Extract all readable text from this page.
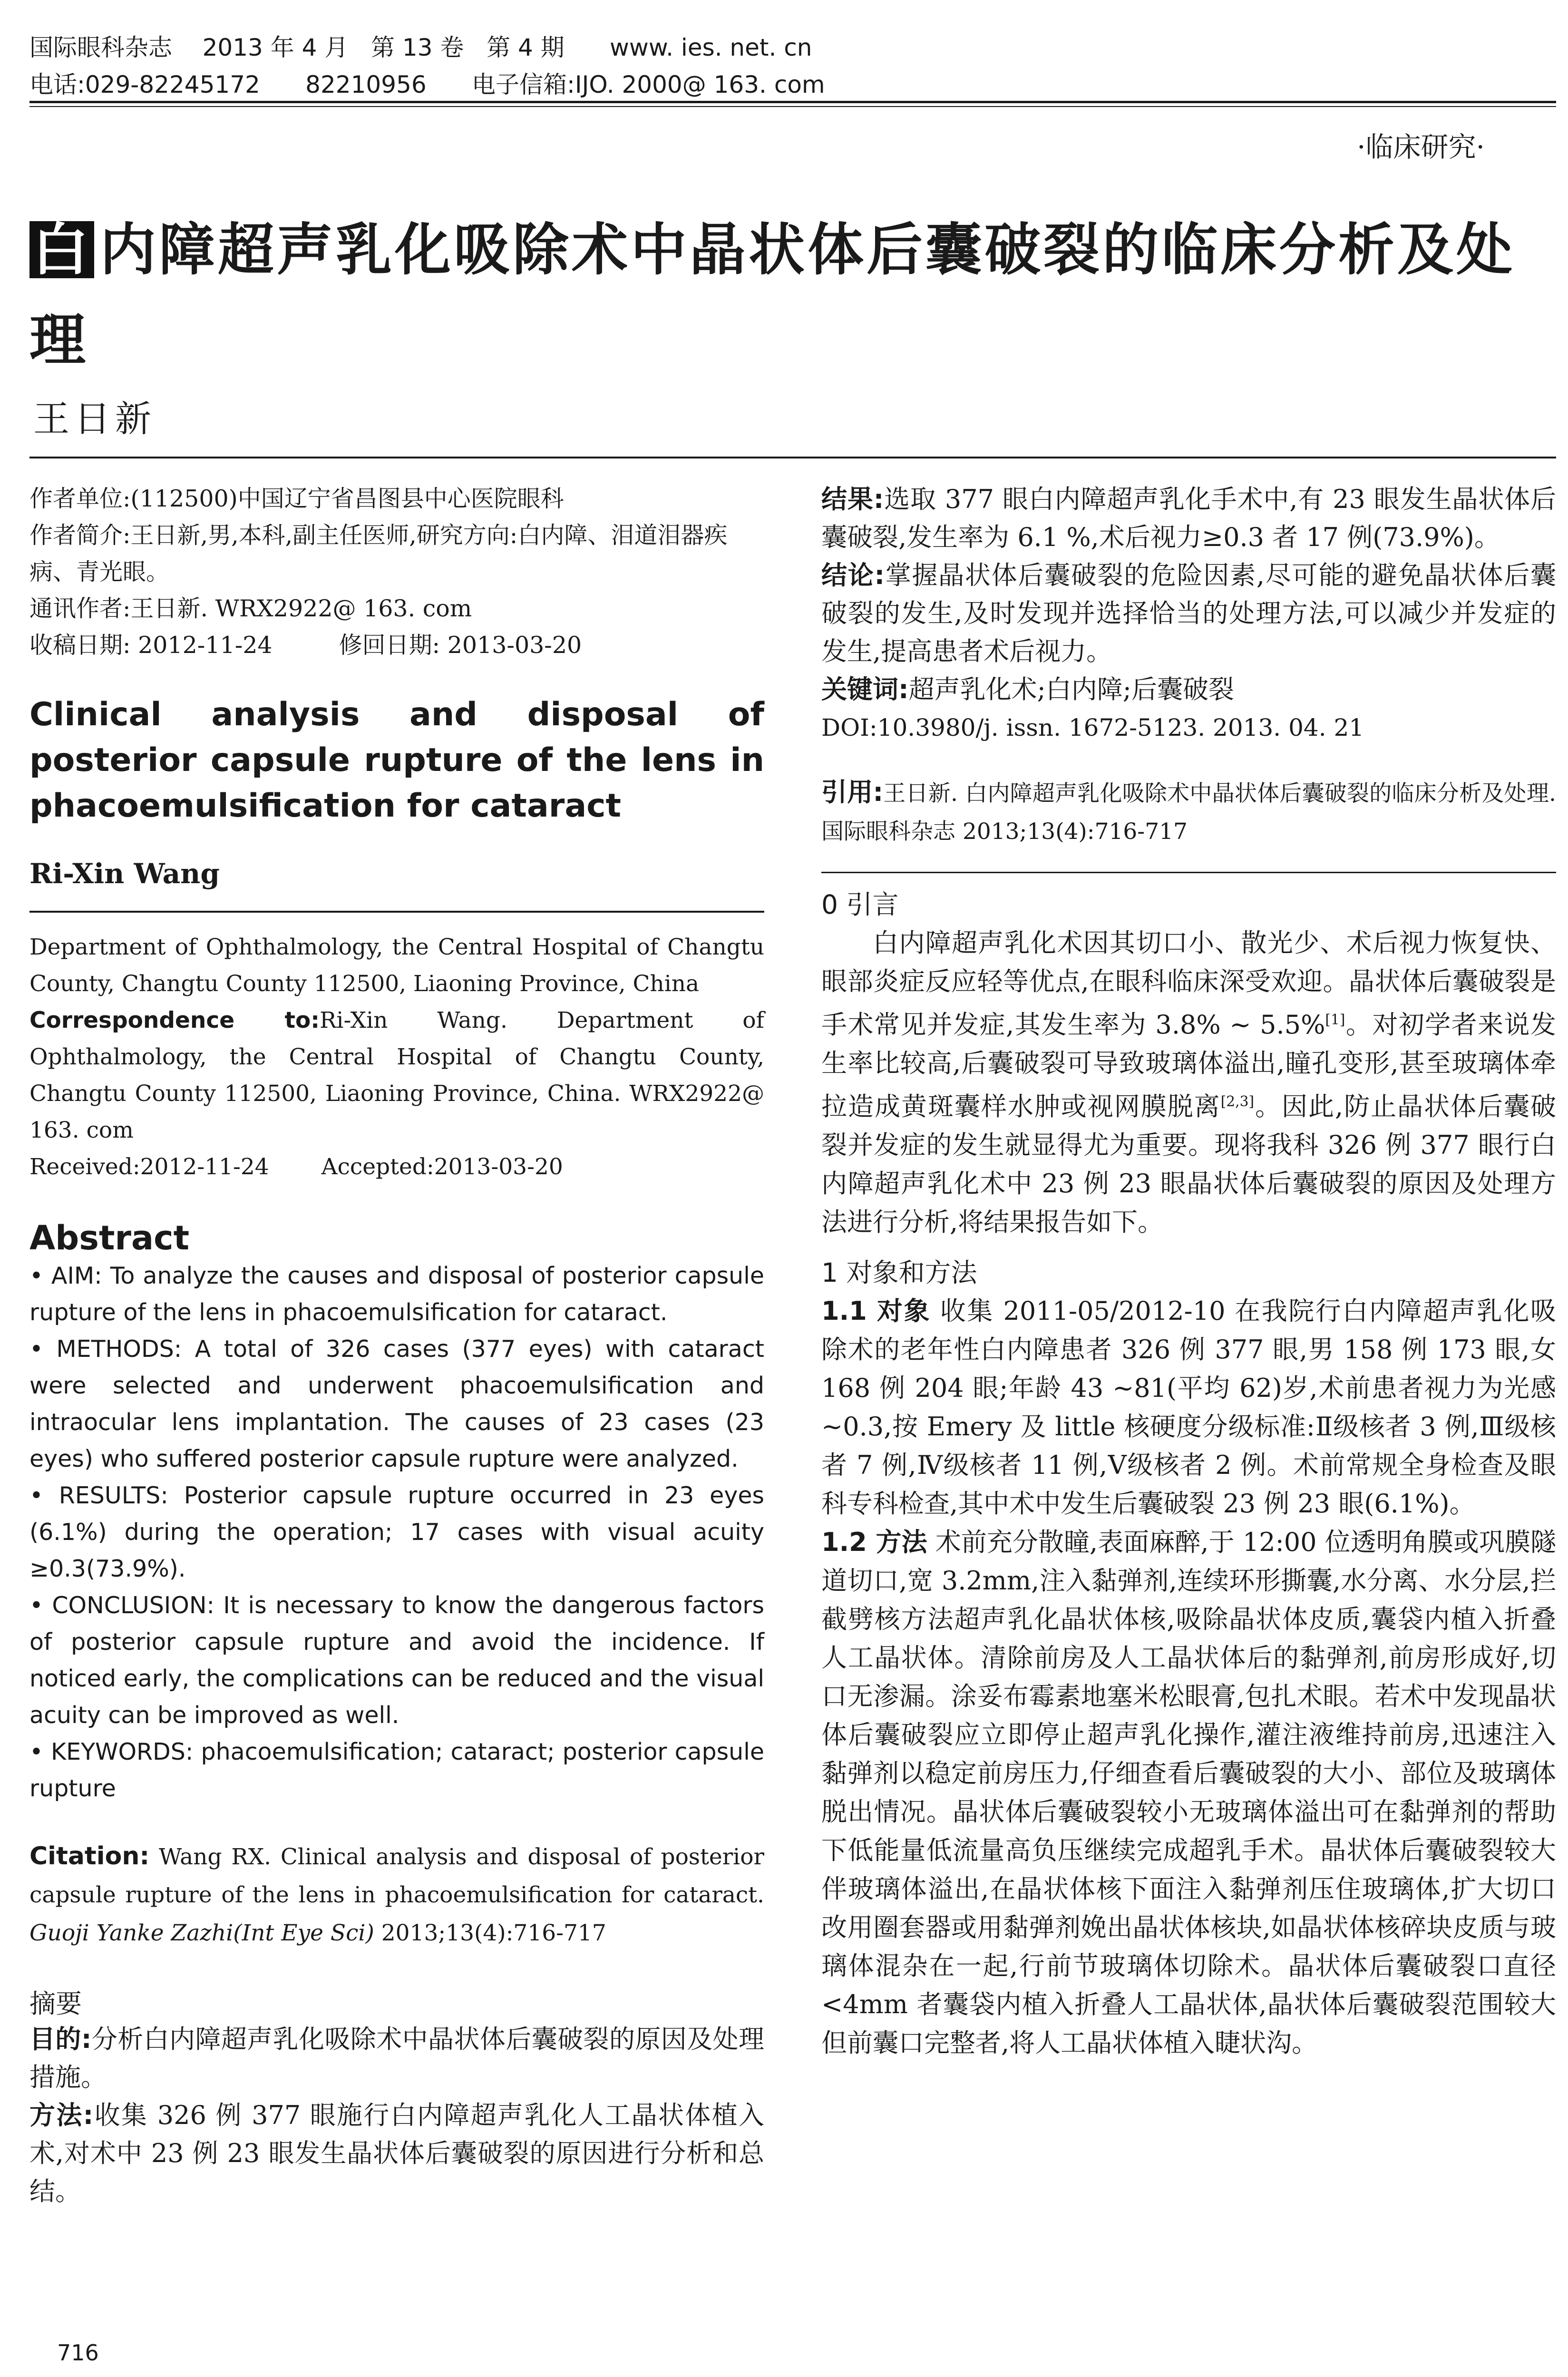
国际眼科杂志    2013 年 4 月   第 13 卷   第 4 期      www. ies. net. cn
电话:029-82245172      82210956      电子信箱:IJO. 2000@ 163. com
·临床研究·
白 内障超声乳化吸除术中晶状体后囊破裂的临床分析及处理
王日新
作者单位:(112500)中国辽宁省昌图县中心医院眼科
作者简介:王日新,男,本科,副主任医师,研究方向:白内障、泪道泪器疾病、青光眼。
通讯作者:王日新. WRX2922@ 163. com
收稿日期: 2012-11-24	修回日期: 2013-03-20
Clinical analysis and disposal of posterior capsule rupture of the lens in phacoemulsification for cataract
Ri-Xin Wang
Department of Ophthalmology, the Central Hospital of Changtu County, Changtu County 112500, Liaoning Province, China
Correspondence to:Ri-Xin Wang. Department of Ophthalmology, the Central Hospital of Changtu County, Changtu County 112500, Liaoning Province, China. WRX2922@ 163. com
Received:2012-11-24 Accepted:2013-03-20
Abstract
• AIM: To analyze the causes and disposal of posterior capsule rupture of the lens in phacoemulsification for cataract.
• METHODS: A total of 326 cases (377 eyes) with cataract were selected and underwent phacoemulsification and intraocular lens implantation. The causes of 23 cases (23 eyes) who suffered posterior capsule rupture were analyzed.
• RESULTS: Posterior capsule rupture occurred in 23 eyes (6.1%) during the operation; 17 cases with visual acuity ≥0.3(73.9%).
• CONCLUSION: It is necessary to know the dangerous factors of posterior capsule rupture and avoid the incidence. If noticed early, the complications can be reduced and the visual acuity can be improved as well.
• KEYWORDS: phacoemulsification; cataract; posterior capsule rupture
Citation: Wang RX. Clinical analysis and disposal of posterior capsule rupture of the lens in phacoemulsification for cataract. Guoji Yanke Zazhi(Int Eye Sci) 2013;13(4):716-717
摘要
目的:分析白内障超声乳化吸除术中晶状体后囊破裂的原因及处理措施。
方法:收集 326 例 377 眼施行白内障超声乳化人工晶状体植入术,对术中 23 例 23 眼发生晶状体后囊破裂的原因进行分析和总结。
结果:选取 377 眼白内障超声乳化手术中,有 23 眼发生晶状体后囊破裂,发生率为 6.1 %,术后视力≥0.3 者 17 例(73.9%)。
结论:掌握晶状体后囊破裂的危险因素,尽可能的避免晶状体后囊破裂的发生,及时发现并选择恰当的处理方法,可以减少并发症的发生,提高患者术后视力。
关键词:超声乳化术;白内障;后囊破裂
DOI:10.3980/j. issn. 1672-5123. 2013. 04. 21
引用:王日新. 白内障超声乳化吸除术中晶状体后囊破裂的临床分析及处理. 国际眼科杂志 2013;13(4):716-717
0 引言
白内障超声乳化术因其切口小、散光少、术后视力恢复快、眼部炎症反应轻等优点,在眼科临床深受欢迎。晶状体后囊破裂是手术常见并发症,其发生率为 3.8% ~ 5.5%[1]。对初学者来说发生率比较高,后囊破裂可导致玻璃体溢出,瞳孔变形,甚至玻璃体牵拉造成黄斑囊样水肿或视网膜脱离[2,3]。因此,防止晶状体后囊破裂并发症的发生就显得尤为重要。现将我科 326 例 377 眼行白内障超声乳化术中 23 例 23 眼晶状体后囊破裂的原因及处理方法进行分析,将结果报告如下。
1 对象和方法
1.1 对象 收集 2011-05/2012-10 在我院行白内障超声乳化吸除术的老年性白内障患者 326 例 377 眼,男 158 例 173 眼,女 168 例 204 眼;年龄 43 ~81(平均 62)岁,术前患者视力为光感 ~0.3,按 Emery 及 little 核硬度分级标准:Ⅱ级核者 3 例,Ⅲ级核者 7 例,Ⅳ级核者 11 例,Ⅴ级核者 2 例。术前常规全身检查及眼科专科检查,其中术中发生后囊破裂 23 例 23 眼(6.1%)。
1.2 方法 术前充分散瞳,表面麻醉,于 12:00 位透明角膜或巩膜隧道切口,宽 3.2mm,注入黏弹剂,连续环形撕囊,水分离、水分层,拦截劈核方法超声乳化晶状体核,吸除晶状体皮质,囊袋内植入折叠人工晶状体。清除前房及人工晶状体后的黏弹剂,前房形成好,切口无渗漏。涂妥布霉素地塞米松眼膏,包扎术眼。若术中发现晶状体后囊破裂应立即停止超声乳化操作,灌注液维持前房,迅速注入黏弹剂以稳定前房压力,仔细查看后囊破裂的大小、部位及玻璃体脱出情况。晶状体后囊破裂较小无玻璃体溢出可在黏弹剂的帮助下低能量低流量高负压继续完成超乳手术。晶状体后囊破裂较大伴玻璃体溢出,在晶状体核下面注入黏弹剂压住玻璃体,扩大切口改用圈套器或用黏弹剂娩出晶状体核块,如晶状体核碎块皮质与玻璃体混杂在一起,行前节玻璃体切除术。晶状体后囊破裂口直径<4mm 者囊袋内植入折叠人工晶状体,晶状体后囊破裂范围较大但前囊口完整者,将人工晶状体植入睫状沟。
716
